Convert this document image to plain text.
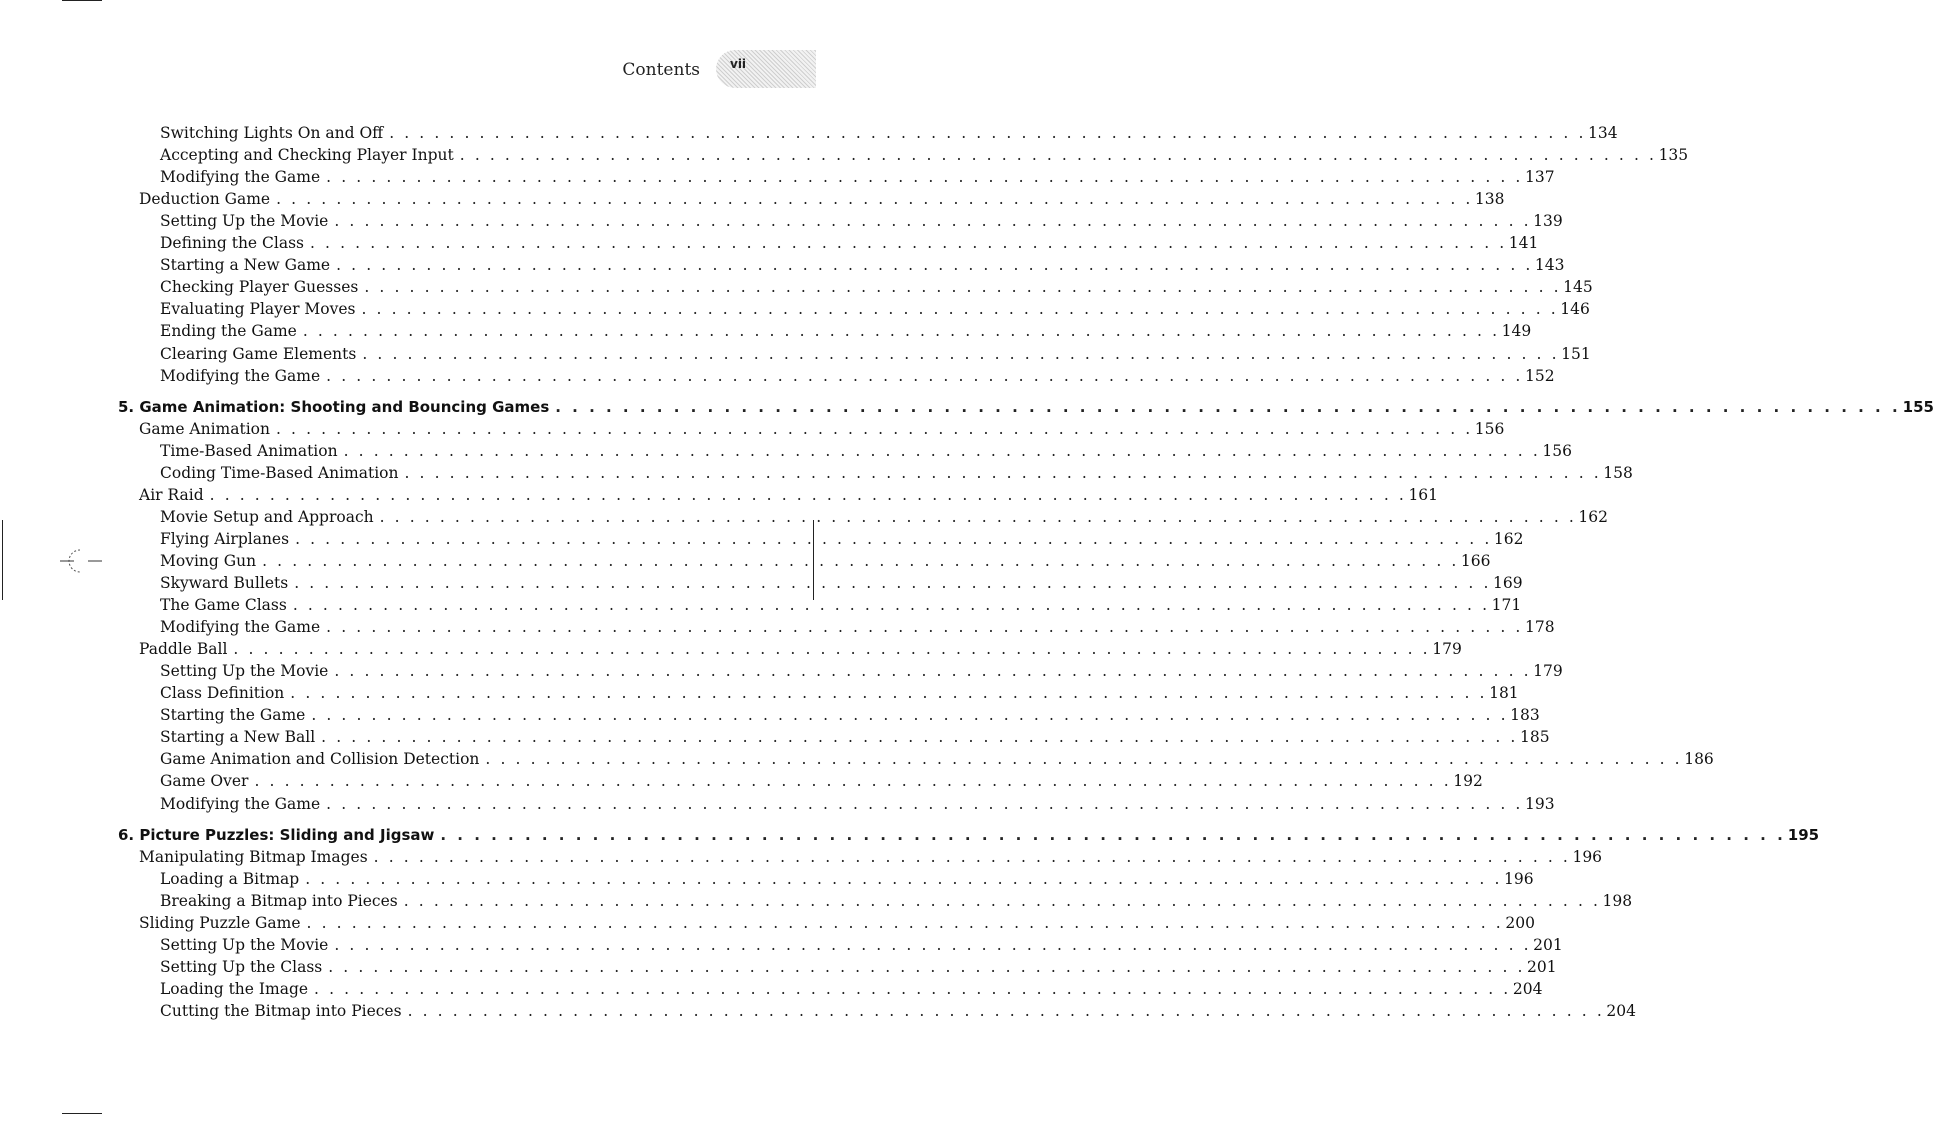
Contents	vii
Switching Lights On and Off . . . . . . . . . . . . . . . . . . . . . . . . . . . . . . . . . . . . . . . . . . . . . . . . . . . . . . . . . . . . . . . . . . . . . . . . . . . . . . . . 134
Accepting and Checking Player Input . . . . . . . . . . . . . . . . . . . . . . . . . . . . . . . . . . . . . . . . . . . . . . . . . . . . . . . . . . . . . . . . . . . . . . . . . . . . . . . . 135
Modifying the Game . . . . . . . . . . . . . . . . . . . . . . . . . . . . . . . . . . . . . . . . . . . . . . . . . . . . . . . . . . . . . . . . . . . . . . . . . . . . . . . . 137
Deduction Game . . . . . . . . . . . . . . . . . . . . . . . . . . . . . . . . . . . . . . . . . . . . . . . . . . . . . . . . . . . . . . . . . . . . . . . . . . . . . . . . 138
Setting Up the Movie . . . . . . . . . . . . . . . . . . . . . . . . . . . . . . . . . . . . . . . . . . . . . . . . . . . . . . . . . . . . . . . . . . . . . . . . . . . . . . . . 139
Defining the Class . . . . . . . . . . . . . . . . . . . . . . . . . . . . . . . . . . . . . . . . . . . . . . . . . . . . . . . . . . . . . . . . . . . . . . . . . . . . . . . . 141
Starting a New Game . . . . . . . . . . . . . . . . . . . . . . . . . . . . . . . . . . . . . . . . . . . . . . . . . . . . . . . . . . . . . . . . . . . . . . . . . . . . . . . . 143
Checking Player Guesses . . . . . . . . . . . . . . . . . . . . . . . . . . . . . . . . . . . . . . . . . . . . . . . . . . . . . . . . . . . . . . . . . . . . . . . . . . . . . . . . 145
Evaluating Player Moves . . . . . . . . . . . . . . . . . . . . . . . . . . . . . . . . . . . . . . . . . . . . . . . . . . . . . . . . . . . . . . . . . . . . . . . . . . . . . . . . 146
Ending the Game . . . . . . . . . . . . . . . . . . . . . . . . . . . . . . . . . . . . . . . . . . . . . . . . . . . . . . . . . . . . . . . . . . . . . . . . . . . . . . . . 149
Clearing Game Elements . . . . . . . . . . . . . . . . . . . . . . . . . . . . . . . . . . . . . . . . . . . . . . . . . . . . . . . . . . . . . . . . . . . . . . . . . . . . . . . . 151
Modifying the Game . . . . . . . . . . . . . . . . . . . . . . . . . . . . . . . . . . . . . . . . . . . . . . . . . . . . . . . . . . . . . . . . . . . . . . . . . . . . . . . . 152
5. Game Animation: Shooting and Bouncing Games . . . . . . . . . . . . . . . . . . . . . . . . . . . . . . . . . . . . . . . . . . . . . . . . . . . . . . . . . . . . . . . . . . . . . . . . . . . . . . . . 155
Game Animation . . . . . . . . . . . . . . . . . . . . . . . . . . . . . . . . . . . . . . . . . . . . . . . . . . . . . . . . . . . . . . . . . . . . . . . . . . . . . . . . 156
Time-Based Animation . . . . . . . . . . . . . . . . . . . . . . . . . . . . . . . . . . . . . . . . . . . . . . . . . . . . . . . . . . . . . . . . . . . . . . . . . . . . . . . . 156
Coding Time-Based Animation . . . . . . . . . . . . . . . . . . . . . . . . . . . . . . . . . . . . . . . . . . . . . . . . . . . . . . . . . . . . . . . . . . . . . . . . . . . . . . . . 158
Air Raid . . . . . . . . . . . . . . . . . . . . . . . . . . . . . . . . . . . . . . . . . . . . . . . . . . . . . . . . . . . . . . . . . . . . . . . . . . . . . . . . 161
Movie Setup and Approach . . . . . . . . . . . . . . . . . . . . . . . . . . . . . . . . . . . . . . . . . . . . . . . . . . . . . . . . . . . . . . . . . . . . . . . . . . . . . . . . 162
Flying Airplanes . . . . . . . . . . . . . . . . . . . . . . . . . . . . . . . . . . . . . . . . . . . . . . . . . . . . . . . . . . . . . . . . . . . . . . . . . . . . . . . . 162
Moving Gun . . . . . . . . . . . . . . . . . . . . . . . . . . . . . . . . . . . . . . . . . . . . . . . . . . . . . . . . . . . . . . . . . . . . . . . . . . . . . . . . 166
Skyward Bullets . . . . . . . . . . . . . . . . . . . . . . . . . . . . . . . . . . . . . . . . . . . . . . . . . . . . . . . . . . . . . . . . . . . . . . . . . . . . . . . . 169
The Game Class . . . . . . . . . . . . . . . . . . . . . . . . . . . . . . . . . . . . . . . . . . . . . . . . . . . . . . . . . . . . . . . . . . . . . . . . . . . . . . . . 171
Modifying the Game . . . . . . . . . . . . . . . . . . . . . . . . . . . . . . . . . . . . . . . . . . . . . . . . . . . . . . . . . . . . . . . . . . . . . . . . . . . . . . . . 178
Paddle Ball . . . . . . . . . . . . . . . . . . . . . . . . . . . . . . . . . . . . . . . . . . . . . . . . . . . . . . . . . . . . . . . . . . . . . . . . . . . . . . . . 179
Setting Up the Movie . . . . . . . . . . . . . . . . . . . . . . . . . . . . . . . . . . . . . . . . . . . . . . . . . . . . . . . . . . . . . . . . . . . . . . . . . . . . . . . . 179
Class Definition . . . . . . . . . . . . . . . . . . . . . . . . . . . . . . . . . . . . . . . . . . . . . . . . . . . . . . . . . . . . . . . . . . . . . . . . . . . . . . . . 181
Starting the Game . . . . . . . . . . . . . . . . . . . . . . . . . . . . . . . . . . . . . . . . . . . . . . . . . . . . . . . . . . . . . . . . . . . . . . . . . . . . . . . . 183
Starting a New Ball . . . . . . . . . . . . . . . . . . . . . . . . . . . . . . . . . . . . . . . . . . . . . . . . . . . . . . . . . . . . . . . . . . . . . . . . . . . . . . . . 185
Game Animation and Collision Detection . . . . . . . . . . . . . . . . . . . . . . . . . . . . . . . . . . . . . . . . . . . . . . . . . . . . . . . . . . . . . . . . . . . . . . . . . . . . . . . . 186
Game Over . . . . . . . . . . . . . . . . . . . . . . . . . . . . . . . . . . . . . . . . . . . . . . . . . . . . . . . . . . . . . . . . . . . . . . . . . . . . . . . . 192
Modifying the Game . . . . . . . . . . . . . . . . . . . . . . . . . . . . . . . . . . . . . . . . . . . . . . . . . . . . . . . . . . . . . . . . . . . . . . . . . . . . . . . . 193
6. Picture Puzzles: Sliding and Jigsaw . . . . . . . . . . . . . . . . . . . . . . . . . . . . . . . . . . . . . . . . . . . . . . . . . . . . . . . . . . . . . . . . . . . . . . . . . . . . . . . . 195
Manipulating Bitmap Images . . . . . . . . . . . . . . . . . . . . . . . . . . . . . . . . . . . . . . . . . . . . . . . . . . . . . . . . . . . . . . . . . . . . . . . . . . . . . . . . 196
Loading a Bitmap . . . . . . . . . . . . . . . . . . . . . . . . . . . . . . . . . . . . . . . . . . . . . . . . . . . . . . . . . . . . . . . . . . . . . . . . . . . . . . . . 196
Breaking a Bitmap into Pieces . . . . . . . . . . . . . . . . . . . . . . . . . . . . . . . . . . . . . . . . . . . . . . . . . . . . . . . . . . . . . . . . . . . . . . . . . . . . . . . . 198
Sliding Puzzle Game . . . . . . . . . . . . . . . . . . . . . . . . . . . . . . . . . . . . . . . . . . . . . . . . . . . . . . . . . . . . . . . . . . . . . . . . . . . . . . . . 200
Setting Up the Movie . . . . . . . . . . . . . . . . . . . . . . . . . . . . . . . . . . . . . . . . . . . . . . . . . . . . . . . . . . . . . . . . . . . . . . . . . . . . . . . . 201
Setting Up the Class . . . . . . . . . . . . . . . . . . . . . . . . . . . . . . . . . . . . . . . . . . . . . . . . . . . . . . . . . . . . . . . . . . . . . . . . . . . . . . . . 201
Loading the Image . . . . . . . . . . . . . . . . . . . . . . . . . . . . . . . . . . . . . . . . . . . . . . . . . . . . . . . . . . . . . . . . . . . . . . . . . . . . . . . . 204
Cutting the Bitmap into Pieces . . . . . . . . . . . . . . . . . . . . . . . . . . . . . . . . . . . . . . . . . . . . . . . . . . . . . . . . . . . . . . . . . . . . . . . . . . . . . . . . 204
